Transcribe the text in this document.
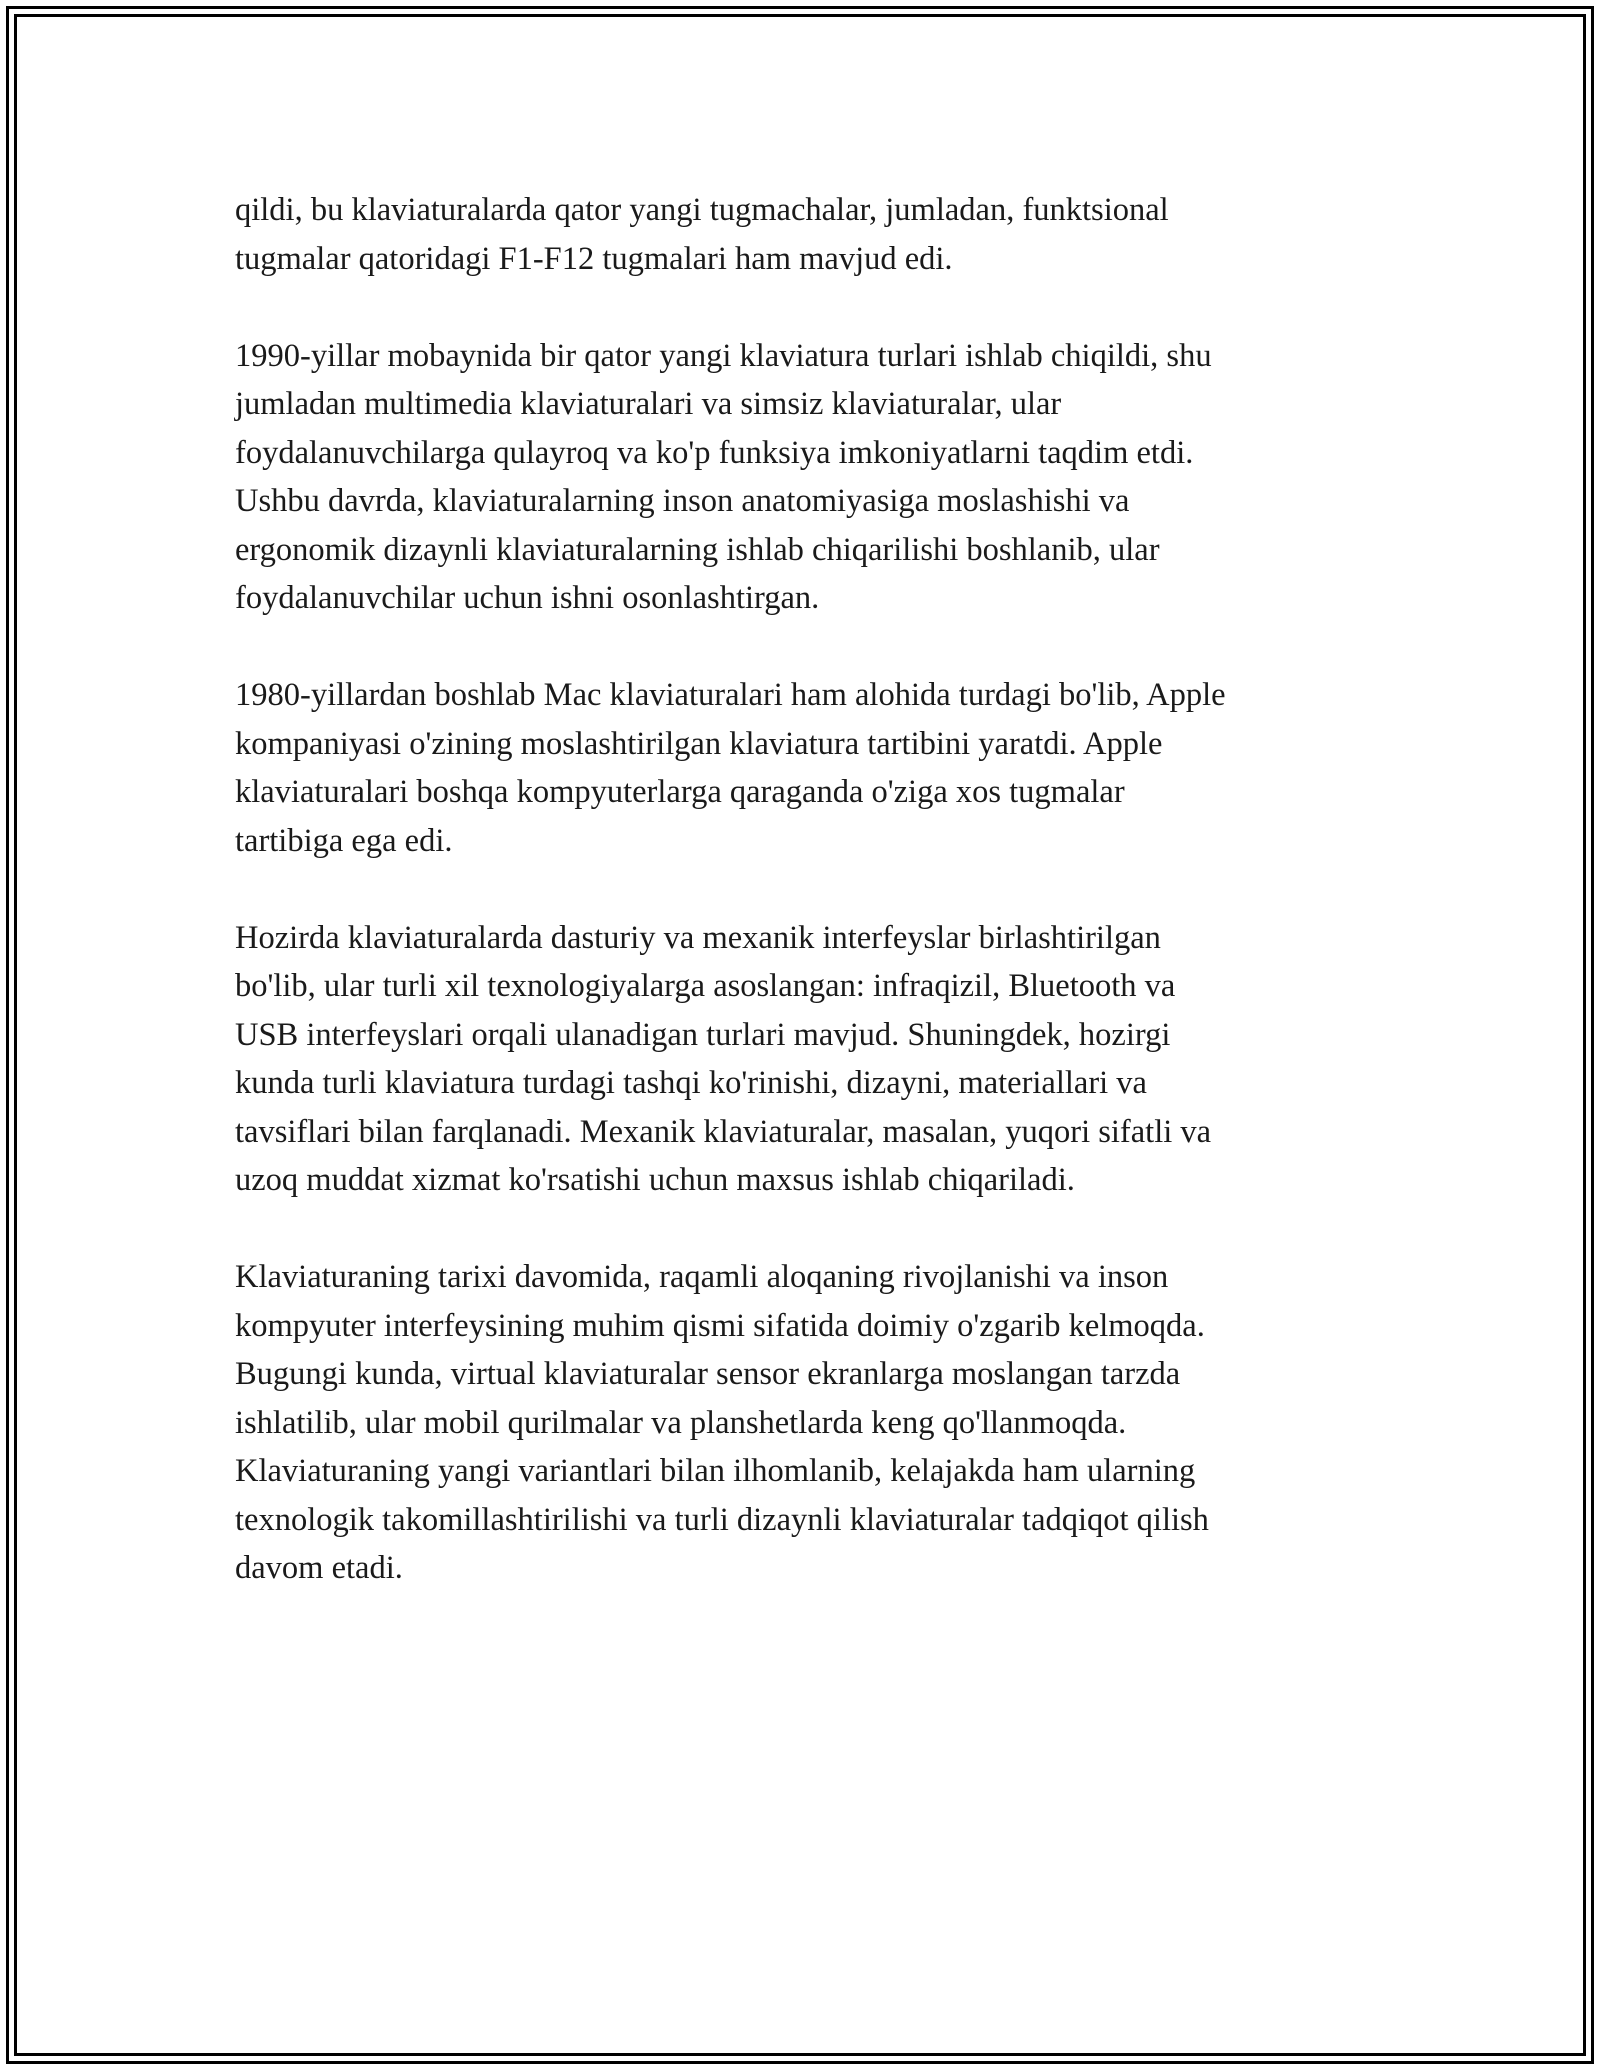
qildi, bu klaviaturalarda qator yangi tugmachalar, jumladan, funktsional
tugmalar qatoridagi F1-F12 tugmalari ham mavjud edi.

1990-yillar mobaynida bir qator yangi klaviatura turlari ishlab chiqildi, shu
jumladan multimedia klaviaturalari va simsiz klaviaturalar, ular
foydalanuvchilarga qulayroq va ko'p funksiya imkoniyatlarni taqdim etdi.
Ushbu davrda, klaviaturalarning inson anatomiyasiga moslashishi va
ergonomik dizaynli klaviaturalarning ishlab chiqarilishi boshlanib, ular
foydalanuvchilar uchun ishni osonlashtirgan.

1980-yillardan boshlab Mac klaviaturalari ham alohida turdagi bo'lib, Apple
kompaniyasi o'zining moslashtirilgan klaviatura tartibini yaratdi. Apple
klaviaturalari boshqa kompyuterlarga qaraganda o'ziga xos tugmalar
tartibiga ega edi.

Hozirda klaviaturalarda dasturiy va mexanik interfeyslar birlashtirilgan
bo'lib, ular turli xil texnologiyalarga asoslangan: infraqizil, Bluetooth va
USB interfeyslari orqali ulanadigan turlari mavjud. Shuningdek, hozirgi
kunda turli klaviatura turdagi tashqi ko'rinishi, dizayni, materiallari va
tavsiflari bilan farqlanadi. Mexanik klaviaturalar, masalan, yuqori sifatli va
uzoq muddat xizmat ko'rsatishi uchun maxsus ishlab chiqariladi.

Klaviaturaning tarixi davomida, raqamli aloqaning rivojlanishi va inson
kompyuter interfeysining muhim qismi sifatida doimiy o'zgarib kelmoqda.
Bugungi kunda, virtual klaviaturalar sensor ekranlarga moslangan tarzda
ishlatilib, ular mobil qurilmalar va planshetlarda keng qo'llanmoqda.
Klaviaturaning yangi variantlari bilan ilhomlanib, kelajakda ham ularning
texnologik takomillashtirilishi va turli dizaynli klaviaturalar tadqiqot qilish
davom etadi.
